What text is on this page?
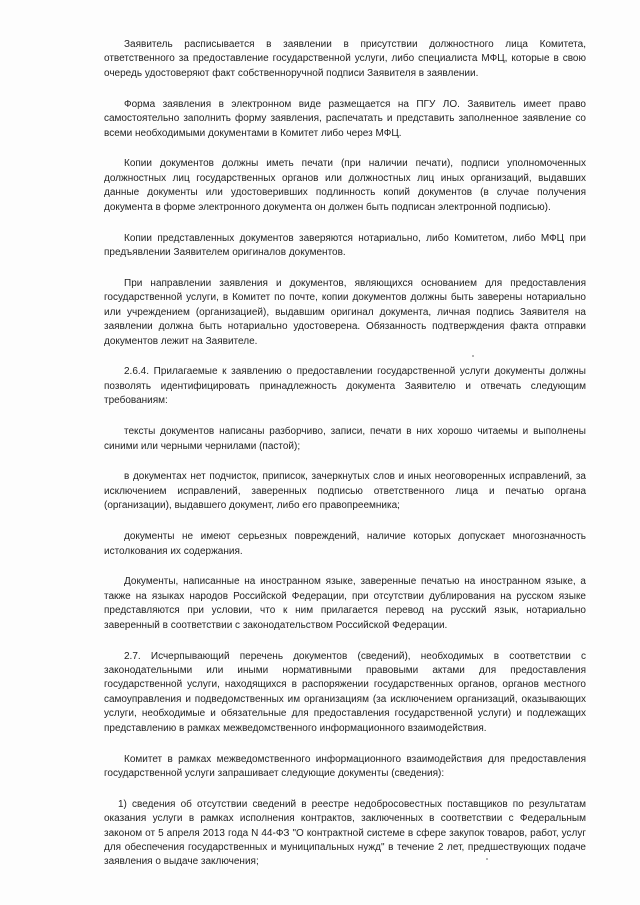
Заявитель расписывается в заявлении в присутствии должностного лица Комитета, ответственного за предоставление государственной услуги, либо специалиста МФЦ, которые в свою очередь удостоверяют факт собственноручной подписи Заявителя в заявлении.

Форма заявления в электронном виде размещается на ПГУ ЛО. Заявитель имеет право самостоятельно заполнить форму заявления, распечатать и представить заполненное заявление со всеми необходимыми документами в Комитет либо через МФЦ.

Копии документов должны иметь печати (при наличии печати), подписи уполномоченных должностных лиц государственных органов или должностных лиц иных организаций, выдавших данные документы или удостоверивших подлинность копий документов (в случае получения документа в форме электронного документа он должен быть подписан электронной подписью).

Копии представленных документов заверяются нотариально, либо Комитетом, либо МФЦ при предъявлении Заявителем оригиналов документов.

При направлении заявления и документов, являющихся основанием для предоставления государственной услуги, в Комитет по почте, копии документов должны быть заверены нотариально или учреждением (организацией), выдавшим оригинал документа, личная подпись Заявителя на заявлении должна быть нотариально удостоверена. Обязанность подтверждения факта отправки документов лежит на Заявителе.

2.6.4. Прилагаемые к заявлению о предоставлении государственной услуги документы должны позволять идентифицировать принадлежность документа Заявителю и отвечать следующим требованиям:

тексты документов написаны разборчиво, записи, печати в них хорошо читаемы и выполнены синими или черными чернилами (пастой);

в документах нет подчисток, приписок, зачеркнутых слов и иных неоговоренных исправлений, за исключением исправлений, заверенных подписью ответственного лица и печатью органа (организации), выдавшего документ, либо его правопреемника;

документы не имеют серьезных повреждений, наличие которых допускает многозначность истолкования их содержания.

Документы, написанные на иностранном языке, заверенные печатью на иностранном языке, а также на языках народов Российской Федерации, при отсутствии дублирования на русском языке представляются при условии, что к ним прилагается перевод на русский язык, нотариально заверенный в соответствии с законодательством Российской Федерации.

2.7. Исчерпывающий перечень документов (сведений), необходимых в соответствии с законодательными или иными нормативными правовыми актами для предоставления государственной услуги, находящихся в распоряжении государственных органов, органов местного самоуправления и подведомственных им организациям (за исключением организаций, оказывающих услуги, необходимые и обязательные для предоставления государственной услуги) и подлежащих представлению в рамках межведомственного информационного взаимодействия.

Комитет в рамках межведомственного информационного взаимодействия для предоставления государственной услуги запрашивает следующие документы (сведения):

1) сведения об отсутствии сведений в реестре недобросовестных поставщиков по результатам оказания услуги в рамках исполнения контрактов, заключенных в соответствии с Федеральным законом от 5 апреля 2013 года N 44-ФЗ "О контрактной системе в сфере закупок товаров, работ, услуг для обеспечения государственных и муниципальных нужд" в течение 2 лет, предшествующих подаче заявления о выдаче заключения;
